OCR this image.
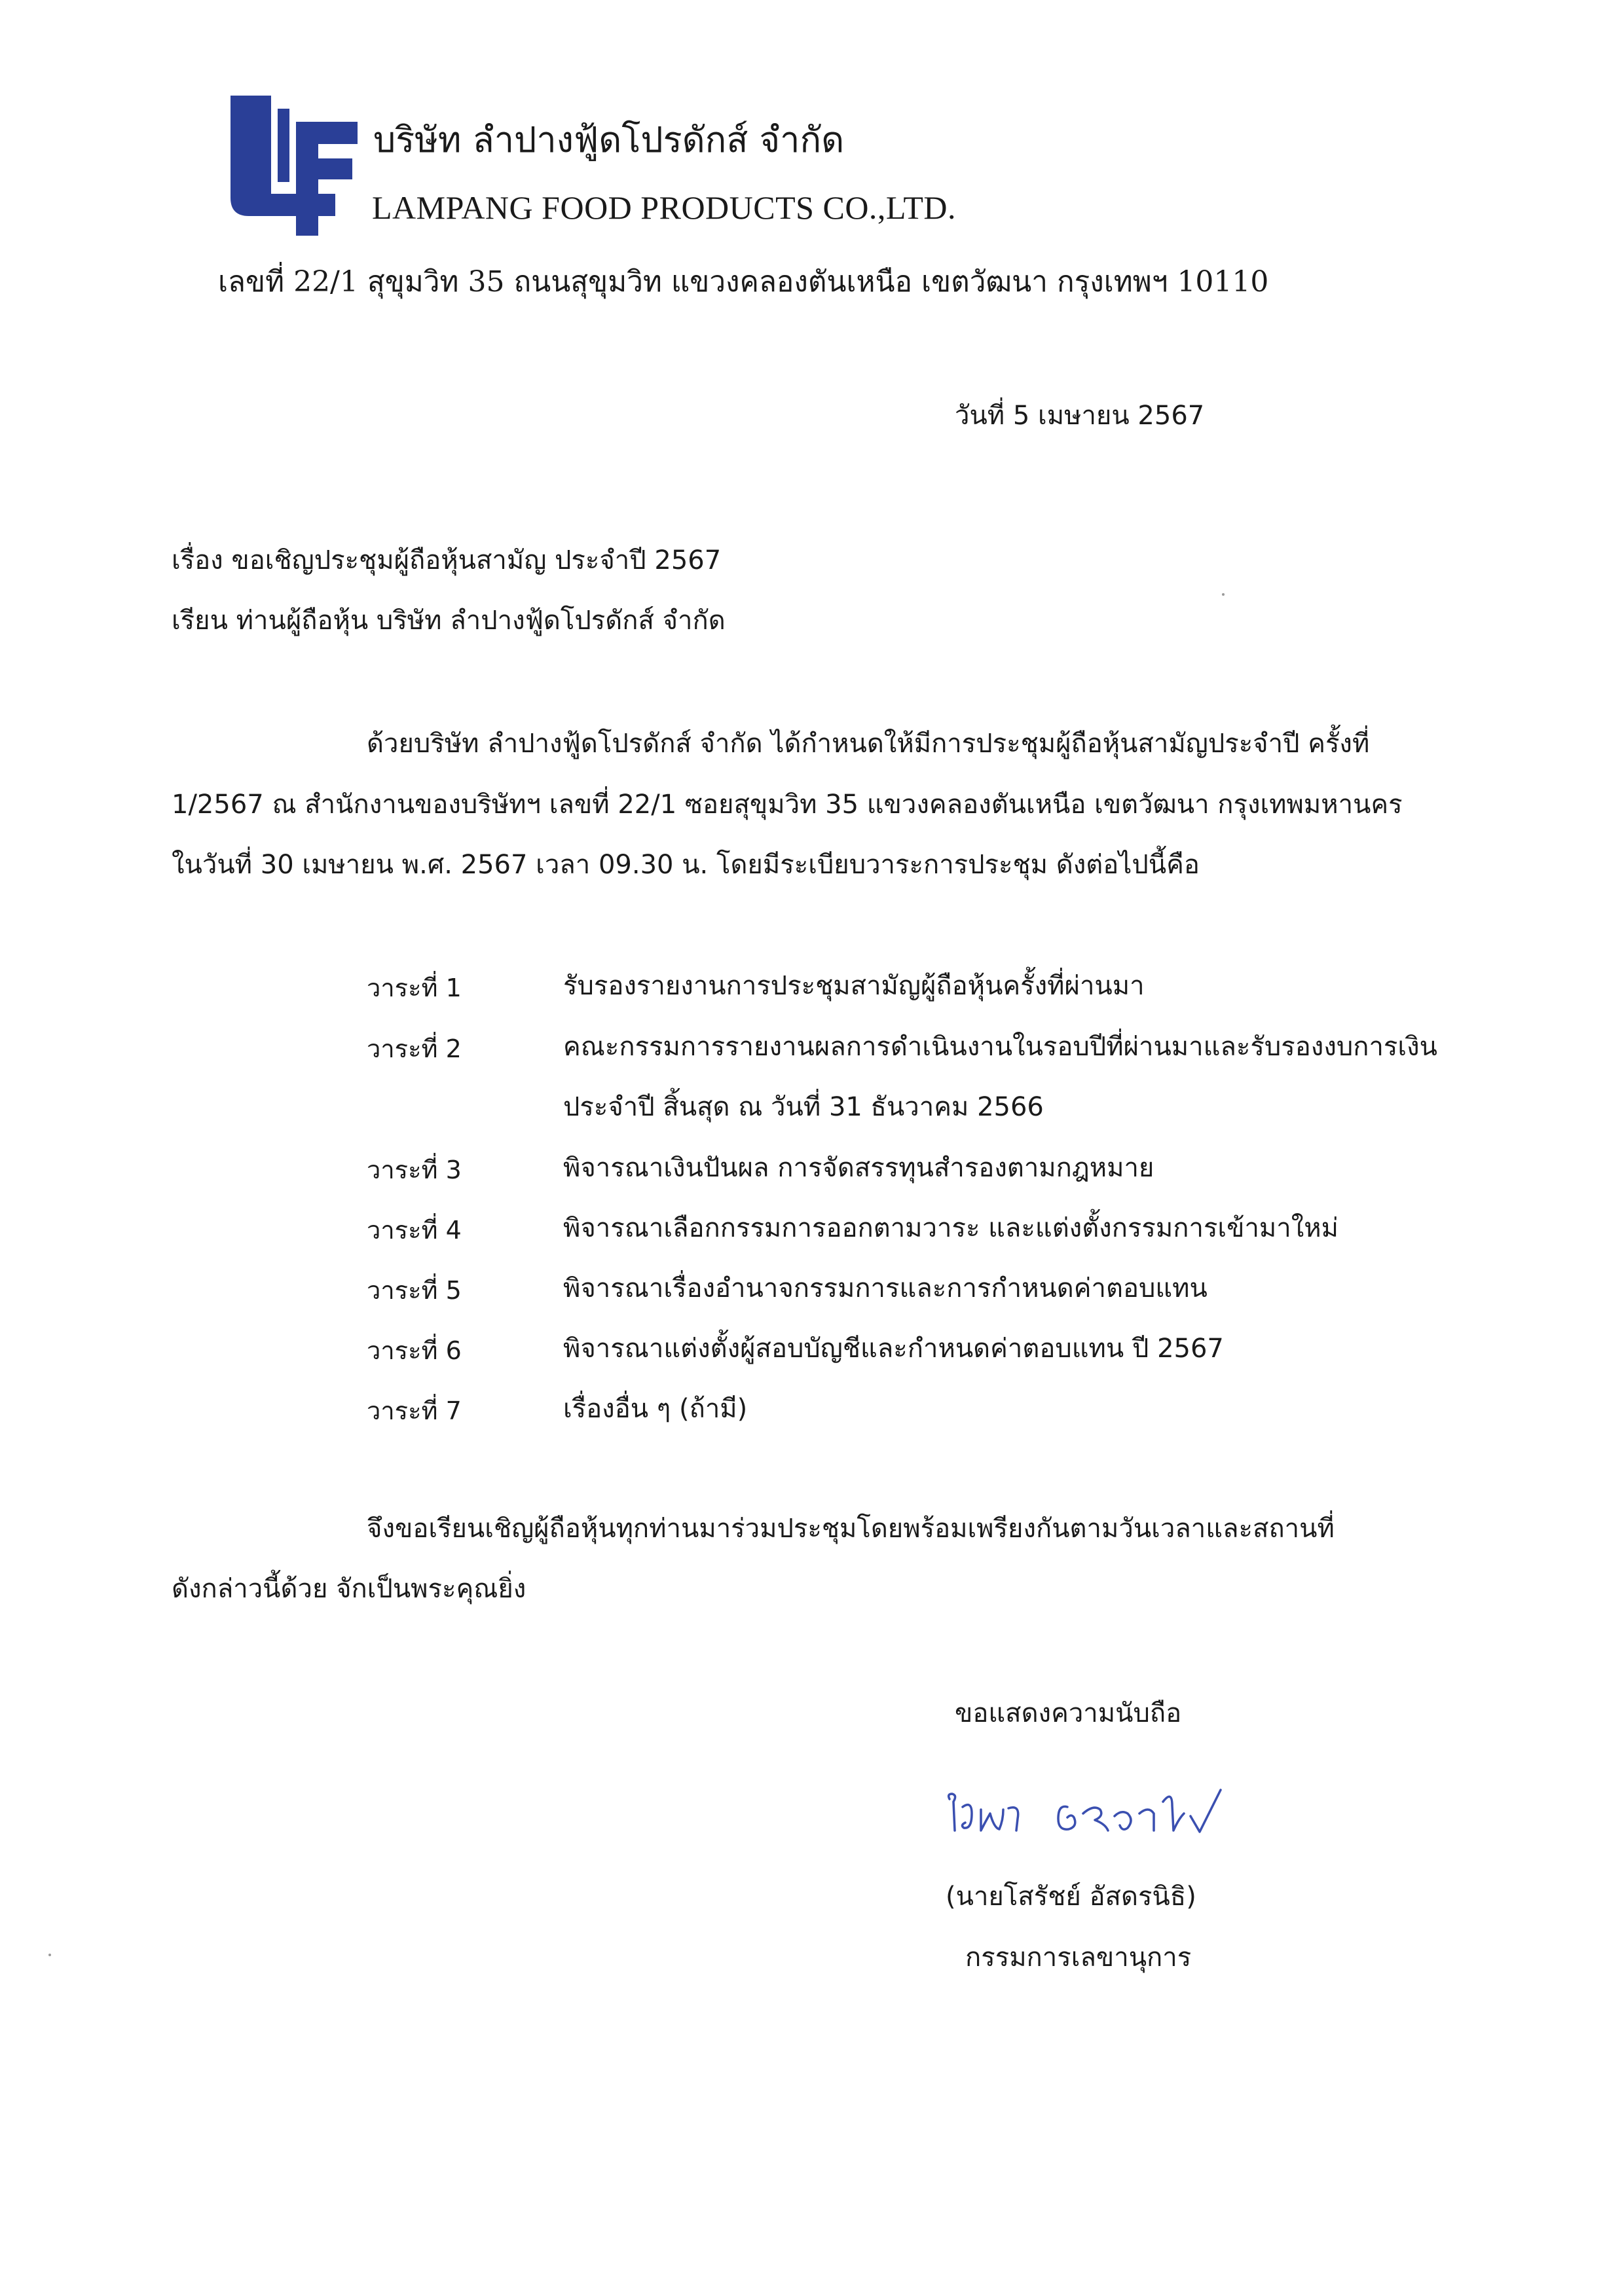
บริษัท ลำปางฟู้ดโปรดักส์ จำกัด
LAMPANG FOOD PRODUCTS CO.,LTD.
เลขที่ 22/1 สุขุมวิท 35 ถนนสุขุมวิท แขวงคลองตันเหนือ เขตวัฒนา กรุงเทพฯ 10110
วันที่ 5 เมษายน 2567
เรื่อง ขอเชิญประชุมผู้ถือหุ้นสามัญ ประจำปี 2567
เรียน ท่านผู้ถือหุ้น บริษัท ลำปางฟู้ดโปรดักส์ จำกัด
ด้วยบริษัท ลำปางฟู้ดโปรดักส์ จำกัด ได้กำหนดให้มีการประชุมผู้ถือหุ้นสามัญประจำปี ครั้งที่
1/2567 ณ สำนักงานของบริษัทฯ เลขที่ 22/1 ซอยสุขุมวิท 35 แขวงคลองตันเหนือ เขตวัฒนา กรุงเทพมหานคร
ในวันที่ 30 เมษายน พ.ศ. 2567 เวลา 09.30 น. โดยมีระเบียบวาระการประชุม ดังต่อไปนี้คือ
วาระที่ 1	รับรองรายงานการประชุมสามัญผู้ถือหุ้นครั้งที่ผ่านมา
วาระที่ 2	คณะกรรมการรายงานผลการดำเนินงานในรอบปีที่ผ่านมาและรับรองงบการเงิน
ประจำปี สิ้นสุด ณ วันที่ 31 ธันวาคม 2566
วาระที่ 3	พิจารณาเงินปันผล การจัดสรรทุนสำรองตามกฎหมาย
วาระที่ 4	พิจารณาเลือกกรรมการออกตามวาระ และแต่งตั้งกรรมการเข้ามาใหม่
วาระที่ 5	พิจารณาเรื่องอำนาจกรรมการและการกำหนดค่าตอบแทน
วาระที่ 6	พิจารณาแต่งตั้งผู้สอบบัญชีและกำหนดค่าตอบแทน ปี 2567
วาระที่ 7	เรื่องอื่น ๆ (ถ้ามี)
จึงขอเรียนเชิญผู้ถือหุ้นทุกท่านมาร่วมประชุมโดยพร้อมเพรียงกันตามวันเวลาและสถานที่
ดังกล่าวนี้ด้วย จักเป็นพระคุณยิ่ง
ขอแสดงความนับถือ
(นายโสรัชย์ อัสดรนิธิ)
กรรมการเลขานุการ
